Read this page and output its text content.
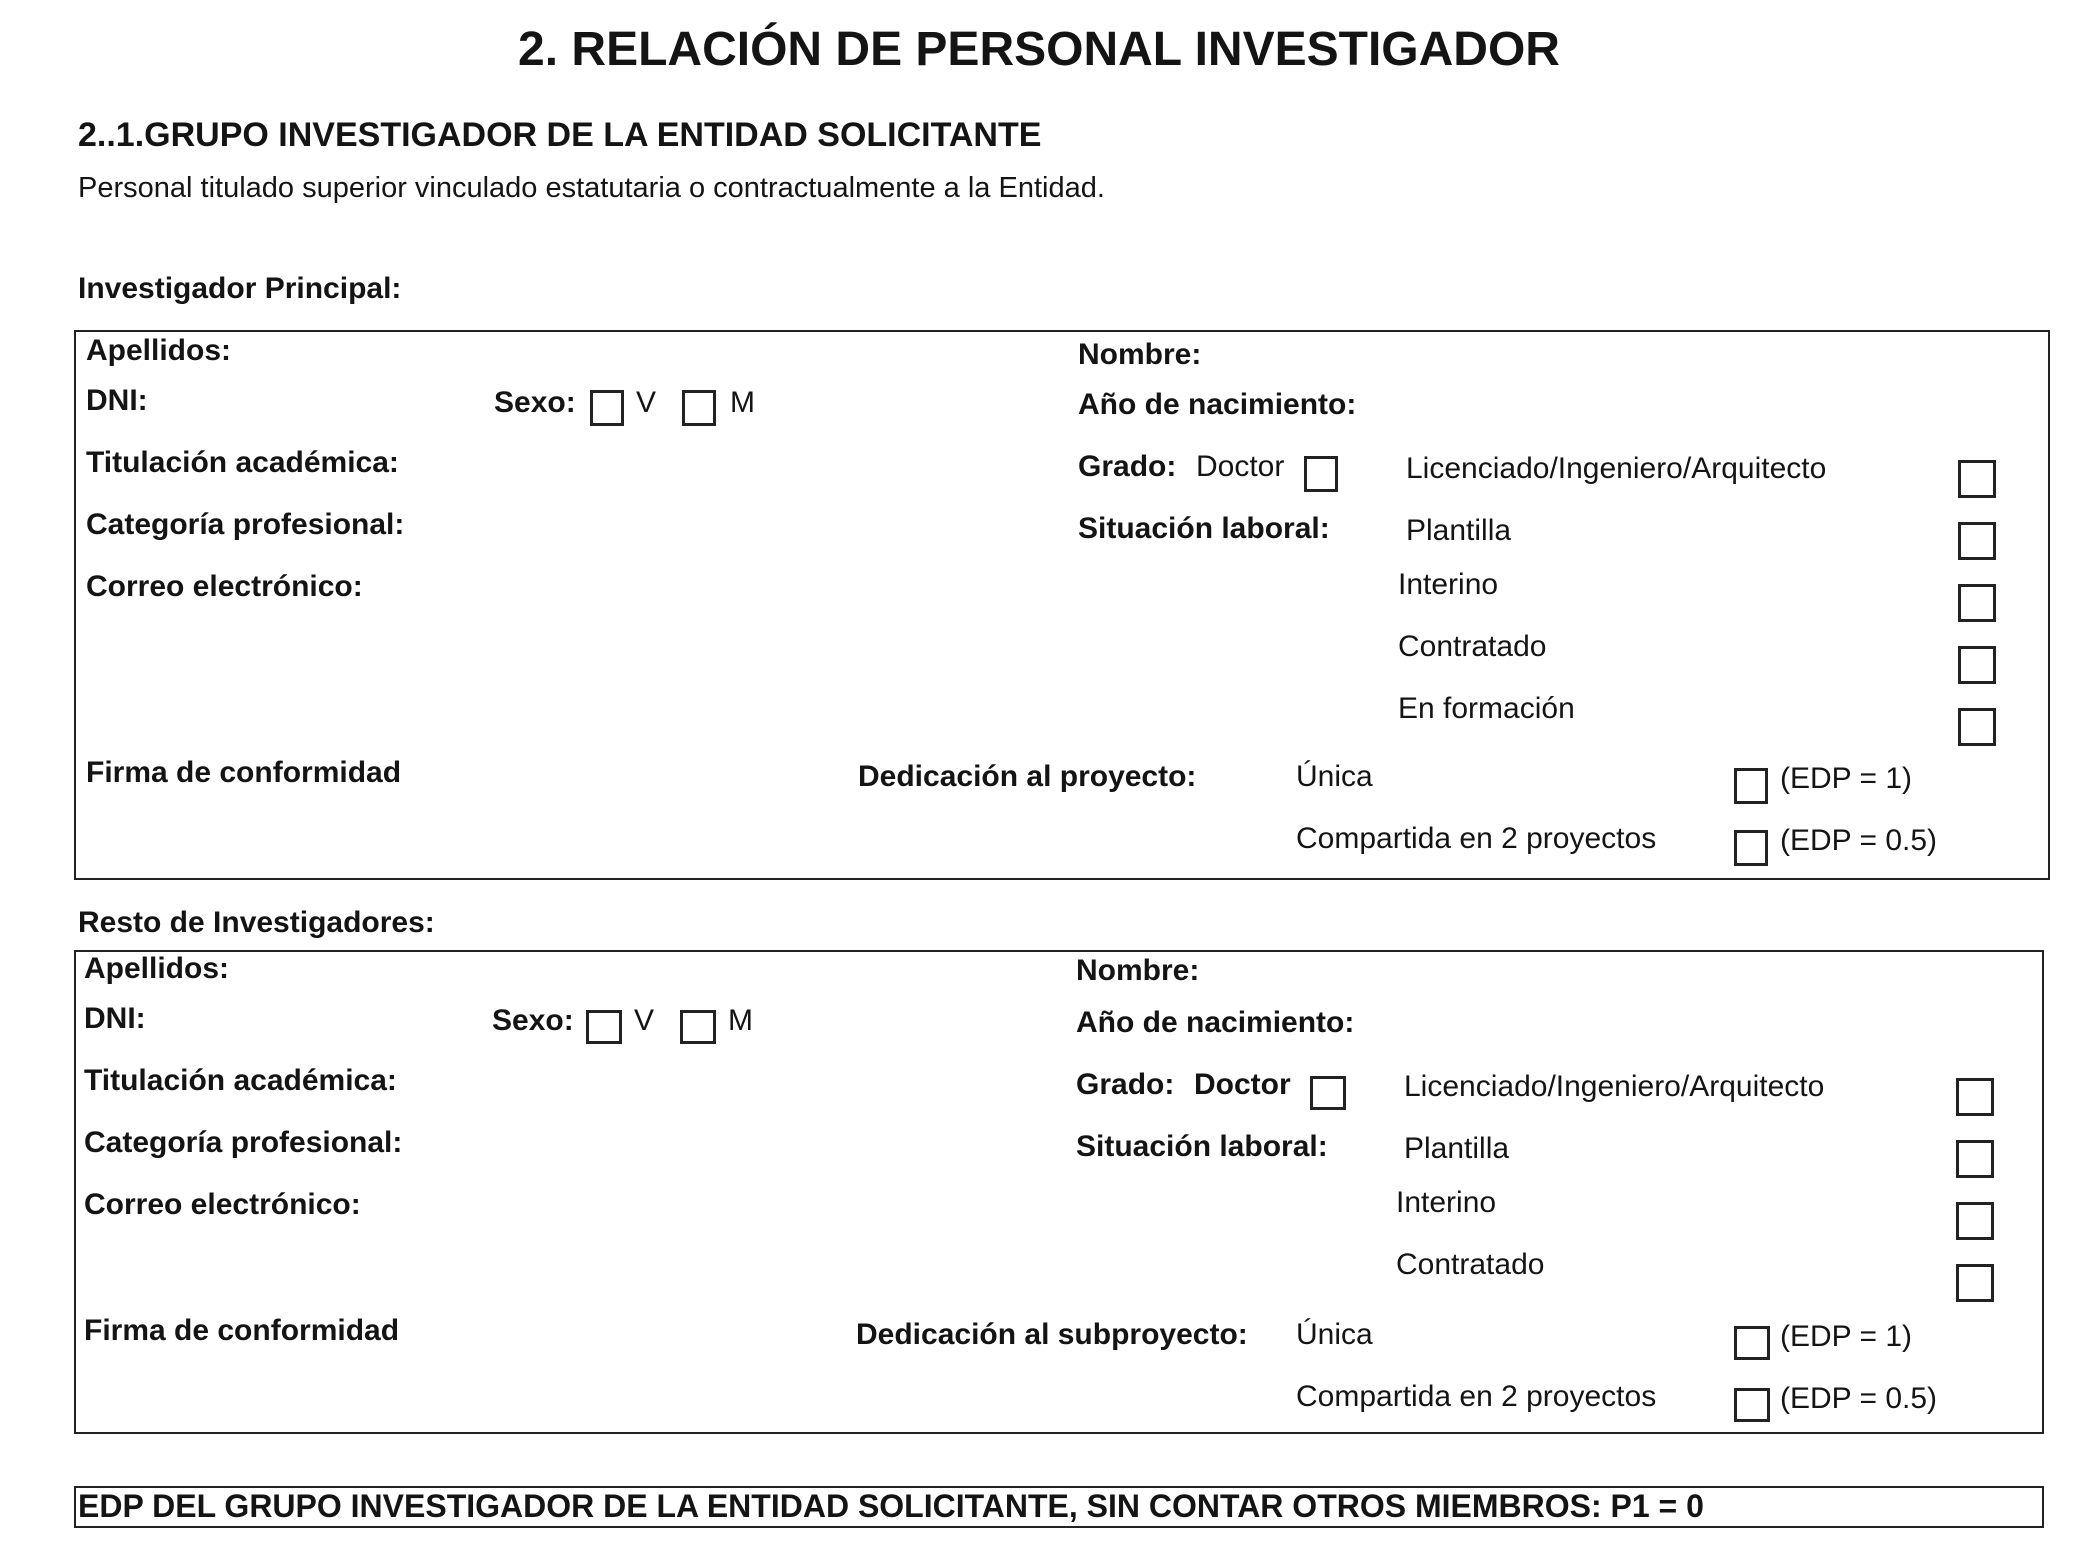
2. RELACIÓN DE PERSONAL INVESTIGADOR
2..1.GRUPO INVESTIGADOR DE LA ENTIDAD SOLICITANTE
Personal titulado superior vinculado estatutaria o contractualmente a la Entidad.
Investigador Principal:
Apellidos:	Nombre:
DNI:	Sexo: V M	Año de nacimiento:
Titulación académica:	Grado: Doctor	Licenciado/Ingeniero/Arquitecto
Categoría profesional:	Situación laboral:	Plantilla
Correo electrónico:	Interino
Contratado
En formación
Firma de conformidad	Dedicación al proyecto:	Única	(EDP = 1)
Compartida en 2 proyectos	(EDP = 0.5)
Resto de Investigadores:
Apellidos:	Nombre:
DNI:	Sexo: V M	Año de nacimiento:
Titulación académica:	Grado: Doctor	Licenciado/Ingeniero/Arquitecto
Categoría profesional:	Situación laboral:	Plantilla
Correo electrónico:	Interino
Contratado
Firma de conformidad	Dedicación al subproyecto: Única	(EDP = 1)
Compartida en 2 proyectos	(EDP = 0.5)
EDP DEL GRUPO INVESTIGADOR DE LA ENTIDAD SOLICITANTE, SIN CONTAR OTROS MIEMBROS: P1 = 0
